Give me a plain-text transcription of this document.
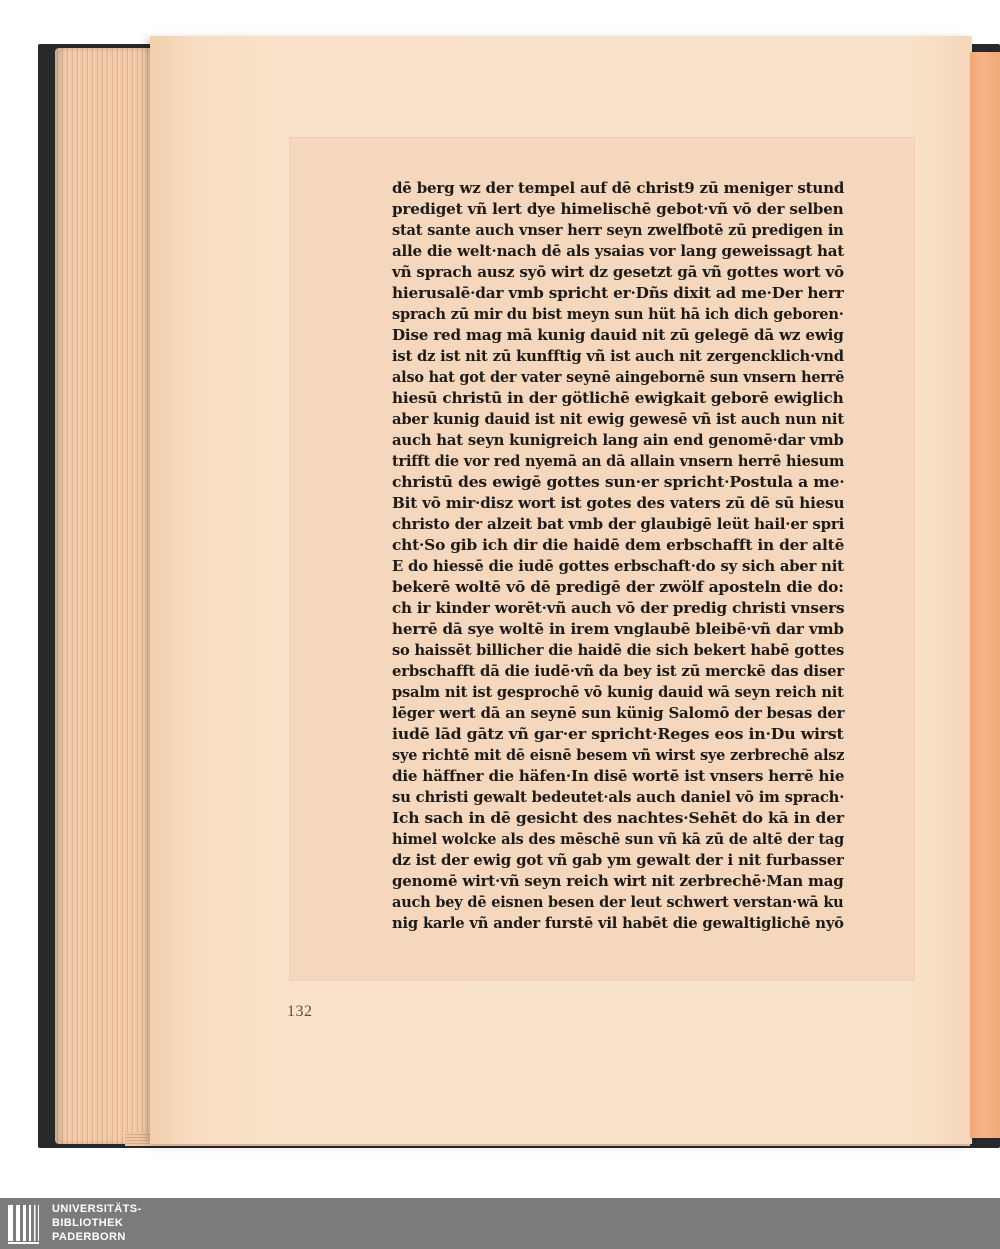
dē berg wz der tempel auf dē christ9 zū meniger stund
prediget vñ lert dye himelischē gebot·vñ vō der selben
stat sante auch vnser herr seyn zwelfbotē zū predigen in
alle die welt·nach dē als ysaias vor lang geweissagt hat
vñ sprach ausz syō wirt dz gesetzt gā vñ gottes wort vō
hierusalē·dar vmb spricht er·Dñs dixit ad me·Der herr
sprach zū mir du bist meyn sun hüt hā ich dich geboren·
Dise red mag mā kunig dauid nit zū gelegē dā wz ewig
ist dz ist nit zū kunfftig vñ ist auch nit zergencklich·vnd
also hat got der vater seynē aingebornē sun vnsern herrē
hiesū christū in der götlichē ewigkait geborē ewiglich
aber kunig dauid ist nit ewig gewesē vñ ist auch nun nit
auch hat seyn kunigreich lang ain end genomē·dar vmb
trifft die vor red nyemā an dā allain vnsern herrē hiesum
christū des ewigē gottes sun·er spricht·Postula a me·
Bit vō mir·disz wort ist gotes des vaters zū dē sū hiesu
christo der alzeit bat vmb der glaubigē leüt hail·er spri
cht·So gib ich dir die haidē dem erbschafft in der altē
E do hiessē die iudē gottes erbschaft·do sy sich aber nit
bekerē woltē vō dē predigē der zwölf aposteln die do:
ch ir kinder worēt·vñ auch vō der predig christi vnsers
herrē dā sye woltē in irem vnglaubē bleibē·vñ dar vmb
so haissēt billicher die haidē die sich bekert habē gottes
erbschafft dā die iudē·vñ da bey ist zū merckē das diser
psalm nit ist gesprochē vō kunig dauid wā seyn reich nit
lēger wert dā an seynē sun künig Salomō der besas der
iudē lād gātz vñ gar·er spricht·Reges eos in·Du wirst
sye richtē mit dē eisnē besem vñ wirst sye zerbrechē alsz
die häffner die häfen·In disē wortē ist vnsers herrē hie
su christi gewalt bedeutet·als auch daniel vō im sprach·
Ich sach in dē gesicht des nachtes·Sehēt do kā in der
himel wolcke als des mēschē sun vñ kā zū de altē der tag
dz ist der ewig got vñ gab ym gewalt der i nit furbasser
genomē wirt·vñ seyn reich wirt nit zerbrechē·Man mag
auch bey dē eisnen besen der leut schwert verstan·wā ku
nig karle vñ ander furstē vil habēt die gewaltiglichē nyō
132
UNIVERSITÄTS-
BIBLIOTHEK
PADERBORN
